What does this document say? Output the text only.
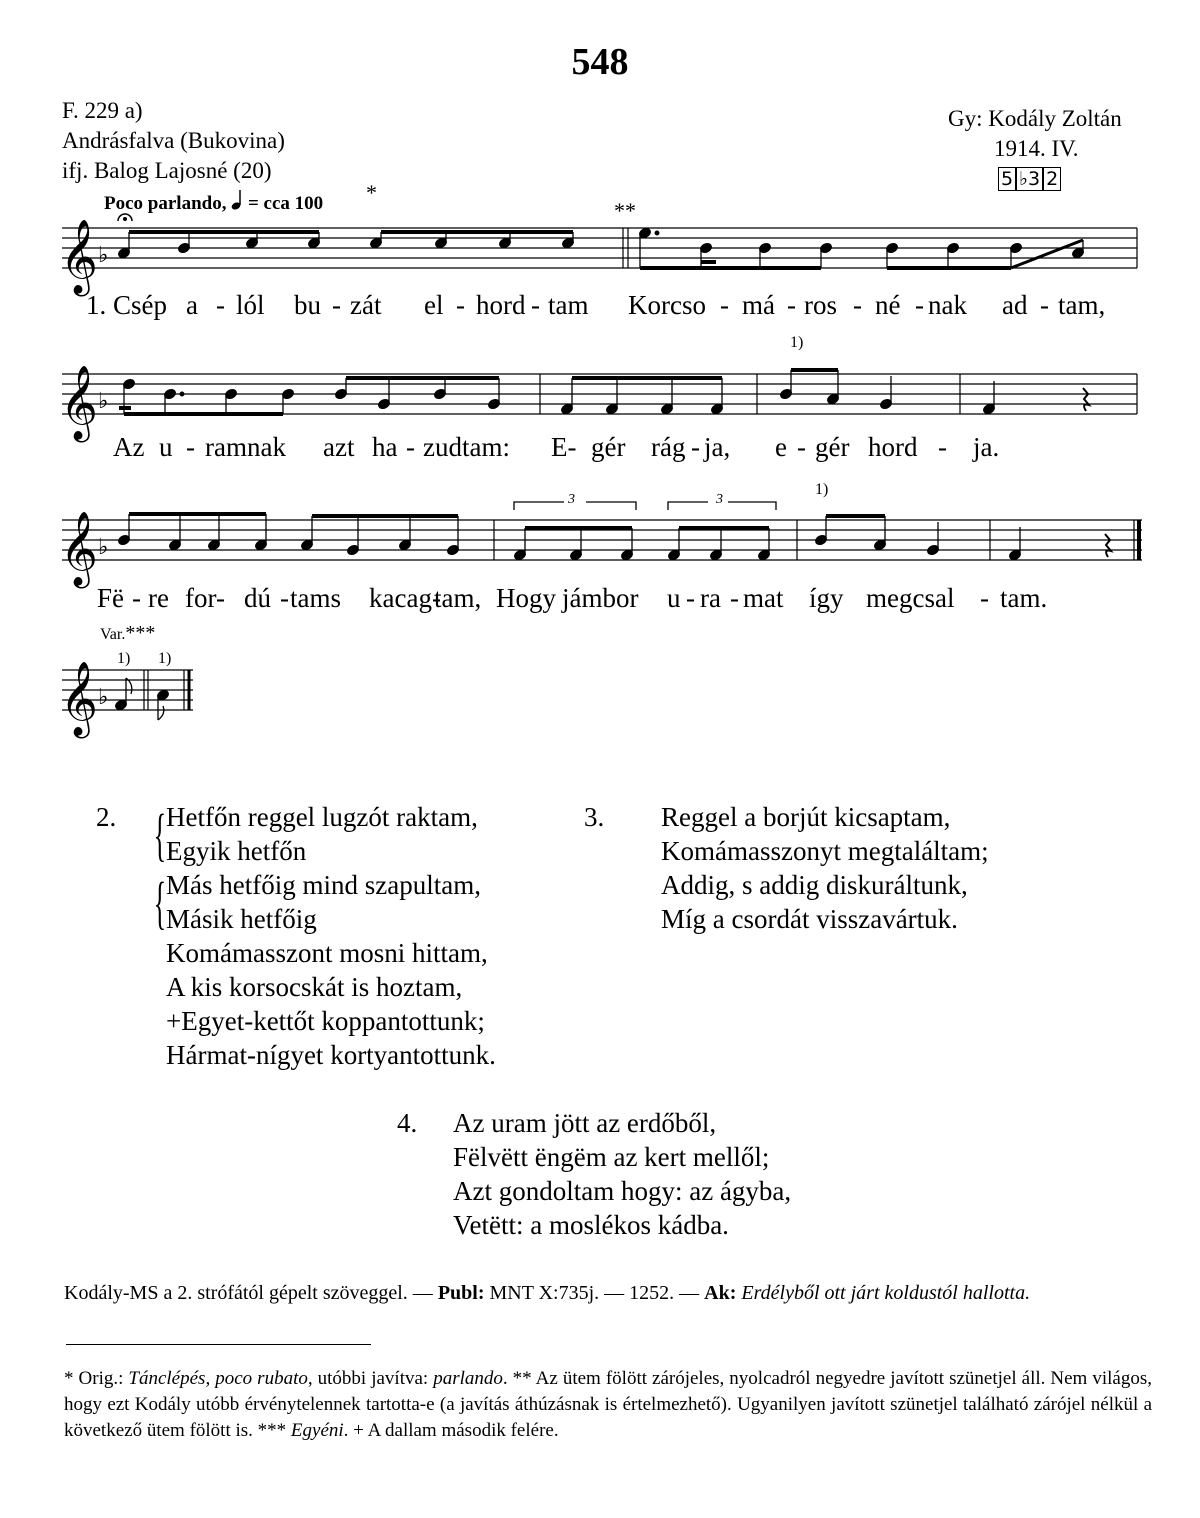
548
F. 229 a)
Andrásfalva (Bukovina)
ifj. Balog Lajosné (20)
Gy: Kodály Zoltán
1914. IV.
5 ♭3 2
Poco parlando, = cca 100 *
**
𝄞
𝄞
𝄞
𝄞
♭
♭
♭
♭
1)
1)
3	3
Var.***
1) 1)
1. Csép a - lól bu - zát el - hord - tam Korcso - má - ros - né - nak ad - tam,
Az u - ramnak azt ha - zudtam: E- gér rág - ja, e - gér hord - ja.
Fë - re for- dú - tams kacag-
tam, Hogy jámbor u - ra - mat így megcsal - tam.
2. {
{
Hetfőn reggel lugzót raktam,
Egyik hetfőn
Más hetfőig mind szapultam,
Másik hetfőig
Komámasszont mosni hittam,
A kis korsocskát is hoztam,
+Egyet-kettőt koppantottunk;
Hármat-nígyet kortyantottunk.
3. Reggel a borjút kicsaptam,
Komámasszonyt megtaláltam;
Addig, s addig diskuráltunk,
Míg a csordát visszavártuk.
4. Az uram jött az erdőből,
Fëlvëtt ëngëm az kert mellől;
Azt gondoltam hogy: az ágyba,
Vetëtt: a moslékos kádba.
Kodály-MS a 2. strófától gépelt szöveggel. — Publ: MNT X:735j. — 1252. — Ak: Erdélyből ott járt koldustól hallotta.
* Orig.: Tánclépés, poco rubato, utóbbi javítva: parlando. ** Az ütem fölött zárójeles, nyolcadról negyedre javított szünetjel áll. Nem világos, hogy ezt Kodály utóbb érvénytelennek tartotta-e (a javítás áthúzásnak is értelmezhető). Ugyanilyen javított szünetjel található zárójel nélkül a következő ütem fölött is. *** Egyéni. + A dallam második felére.
